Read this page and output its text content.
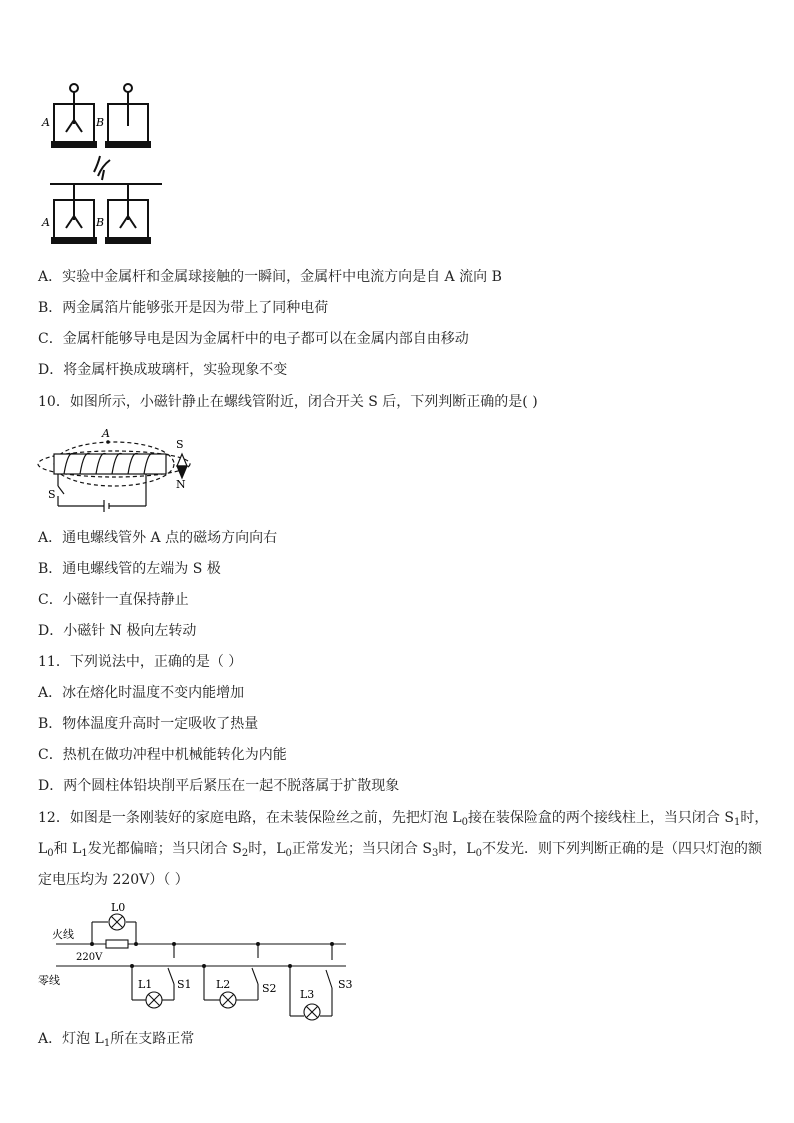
A	B
A	B
A．实验中金属杆和金属球接触的一瞬间，金属杆中电流方向是自 A 流向 B
B．两金属箔片能够张开是因为带上了同种电荷
C．金属杆能够导电是因为金属杆中的电子都可以在金属内部自由移动
D．将金属杆换成玻璃杆，实验现象不变
10．如图所示，小磁针静止在螺线管附近，闭合开关 S 后，下列判断正确的是( )
A
S
N
S
A．通电螺线管外 A 点的磁场方向向右
B．通电螺线管的左端为 S 极
C．小磁针一直保持静止
D．小磁针 N 极向左转动
11．下列说法中，正确的是（ ）
A．冰在熔化时温度不变内能增加
B．物体温度升高时一定吸收了热量
C．热机在做功冲程中机械能转化为内能
D．两个圆柱体铅块削平后紧压在一起不脱落属于扩散现象
12．如图是一条刚装好的家庭电路，在未装保险丝之前，先把灯泡 $L_0$接在装保险盒的两个接线柱上，当只闭合 $S_1$时，
$L_0$和 $L_1$发光都偏暗；当只闭合 $S_2$时，$L_0$正常发光；当只闭合 $S_3$时，$L_0$不发光．则下列判断正确的是（四只灯泡的额
定电压均为 220V）（ ）
火线
零线
220V
L0
L1 S1 L2	S2 L3
S3
A．灯泡 $L_1$所在支路正常
